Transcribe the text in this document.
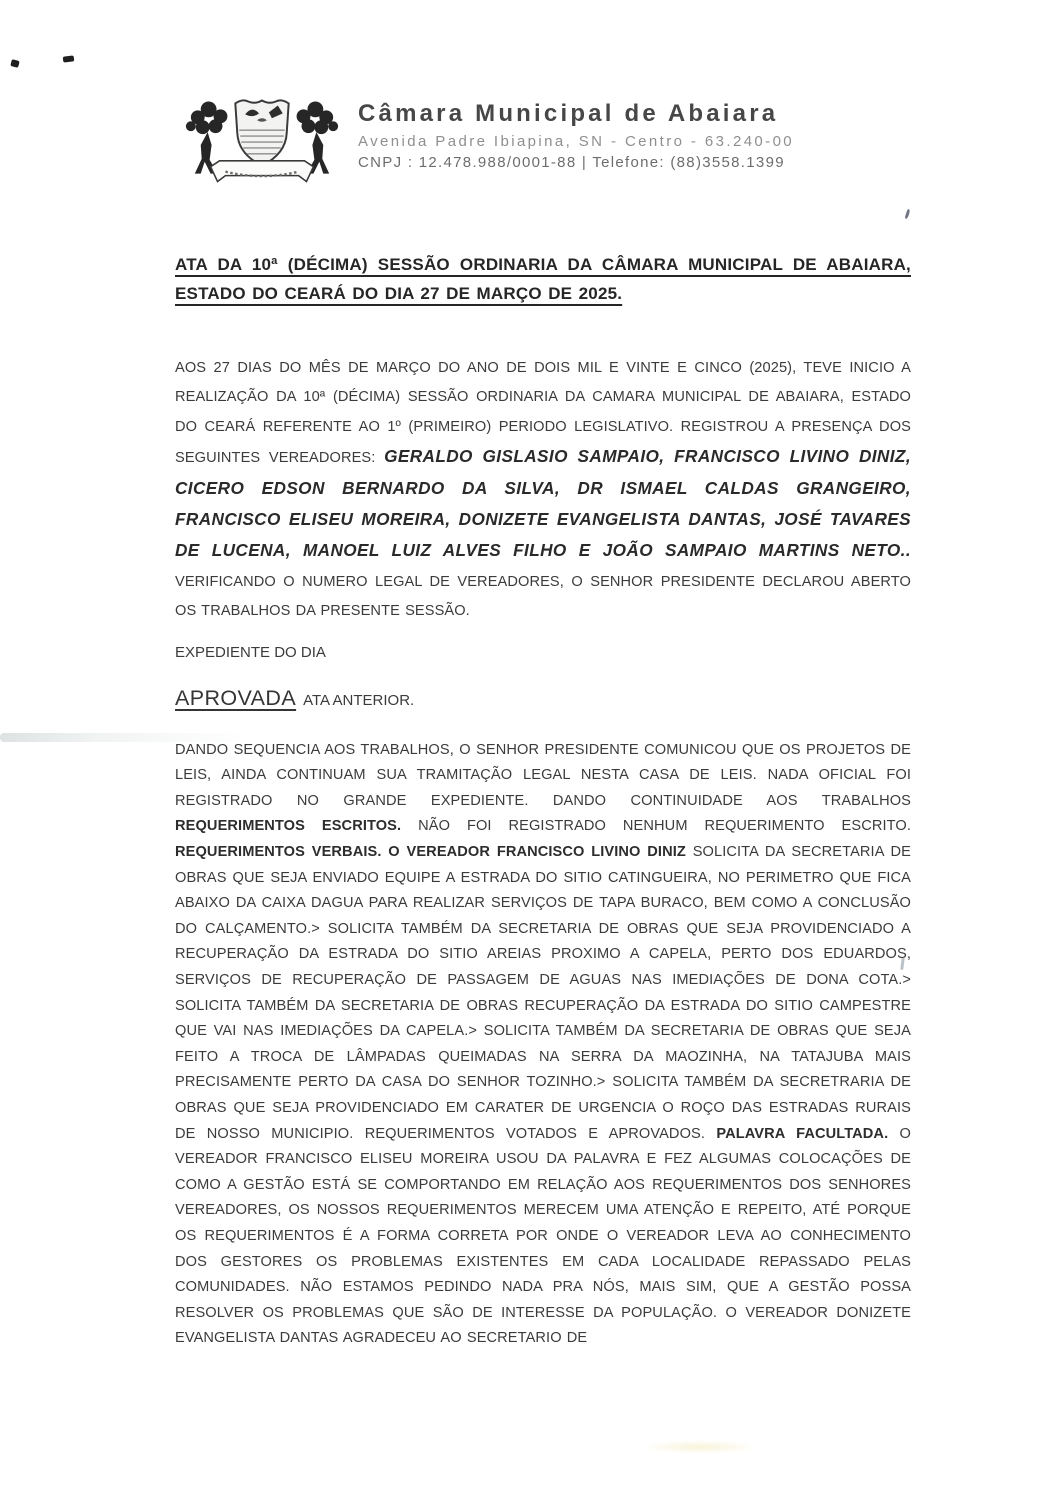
Câmara Municipal de Abaiara
Avenida Padre Ibiapina, SN - Centro - 63.240-00
CNPJ : 12.478.988/0001-88 | Telefone: (88)3558.1399
ATA DA 10ª (DÉCIMA) SESSÃO ORDINARIA DA CÂMARA MUNICIPAL DE ABAIARA, ESTADO DO CEARÁ DO DIA 27 DE MARÇO DE 2025.

AOS 27 DIAS DO MÊS DE MARÇO DO ANO DE DOIS MIL E VINTE E CINCO (2025), TEVE INICIO A REALIZAÇÃO DA 10ª (DÉCIMA) SESSÃO ORDINARIA DA CAMARA MUNICIPAL DE ABAIARA, ESTADO DO CEARÁ REFERENTE AO 1º (PRIMEIRO) PERIODO LEGISLATIVO. REGISTROU A PRESENÇA DOS SEGUINTES VEREADORES: GERALDO GISLASIO SAMPAIO, FRANCISCO LIVINO DINIZ, CICERO EDSON BERNARDO DA SILVA, DR ISMAEL CALDAS GRANGEIRO, FRANCISCO ELISEU MOREIRA, DONIZETE EVANGELISTA DANTAS, JOSÉ TAVARES DE LUCENA, MANOEL LUIZ ALVES FILHO E JOÃO SAMPAIO MARTINS NETO.. VERIFICANDO O NUMERO LEGAL DE VEREADORES, O SENHOR PRESIDENTE DECLAROU ABERTO OS TRABALHOS DA PRESENTE SESSÃO.

EXPEDIENTE DO DIA

APROVADA ATA ANTERIOR.

DANDO SEQUENCIA AOS TRABALHOS, O SENHOR PRESIDENTE COMUNICOU QUE OS PROJETOS DE LEIS, AINDA CONTINUAM SUA TRAMITAÇÃO LEGAL NESTA CASA DE LEIS. NADA OFICIAL FOI REGISTRADO NO GRANDE EXPEDIENTE. DANDO CONTINUIDADE AOS TRABALHOS REQUERIMENTOS ESCRITOS. NÃO FOI REGISTRADO NENHUM REQUERIMENTO ESCRITO. REQUERIMENTOS VERBAIS. O VEREADOR FRANCISCO LIVINO DINIZ SOLICITA DA SECRETARIA DE OBRAS QUE SEJA ENVIADO EQUIPE A ESTRADA DO SITIO CATINGUEIRA, NO PERIMETRO QUE FICA ABAIXO DA CAIXA DAGUA PARA REALIZAR SERVIÇOS DE TAPA BURACO, BEM COMO A CONCLUSÃO DO CALÇAMENTO.> SOLICITA TAMBÉM DA SECRETARIA DE OBRAS QUE SEJA PROVIDENCIADO A RECUPERAÇÃO DA ESTRADA DO SITIO AREIAS PROXIMO A CAPELA, PERTO DOS EDUARDOS, SERVIÇOS DE RECUPERAÇÃO DE PASSAGEM DE AGUAS NAS IMEDIAÇÕES DE DONA COTA.> SOLICITA TAMBÉM DA SECRETARIA DE OBRAS RECUPERAÇÃO DA ESTRADA DO SITIO CAMPESTRE QUE VAI NAS IMEDIAÇÕES DA CAPELA.> SOLICITA TAMBÉM DA SECRETARIA DE OBRAS QUE SEJA FEITO A TROCA DE LÂMPADAS QUEIMADAS NA SERRA DA MAOZINHA, NA TATAJUBA MAIS PRECISAMENTE PERTO DA CASA DO SENHOR TOZINHO.> SOLICITA TAMBÉM DA SECRETRARIA DE OBRAS QUE SEJA PROVIDENCIADO EM CARATER DE URGENCIA O ROÇO DAS ESTRADAS RURAIS DE NOSSO MUNICIPIO. REQUERIMENTOS VOTADOS E APROVADOS. PALAVRA FACULTADA. O VEREADOR FRANCISCO ELISEU MOREIRA USOU DA PALAVRA E FEZ ALGUMAS COLOCAÇÕES DE COMO A GESTÃO ESTÁ SE COMPORTANDO EM RELAÇÃO AOS REQUERIMENTOS DOS SENHORES VEREADORES, OS NOSSOS REQUERIMENTOS MERECEM UMA ATENÇÃO E REPEITO, ATÉ PORQUE OS REQUERIMENTOS É A FORMA CORRETA POR ONDE O VEREADOR LEVA AO CONHECIMENTO DOS GESTORES OS PROBLEMAS EXISTENTES EM CADA LOCALIDADE REPASSADO PELAS COMUNIDADES. NÃO ESTAMOS PEDINDO NADA PRA NÓS, MAIS SIM, QUE A GESTÃO POSSA RESOLVER OS PROBLEMAS QUE SÃO DE INTERESSE DA POPULAÇÃO. O VEREADOR DONIZETE EVANGELISTA DANTAS AGRADECEU AO SECRETARIO DE
